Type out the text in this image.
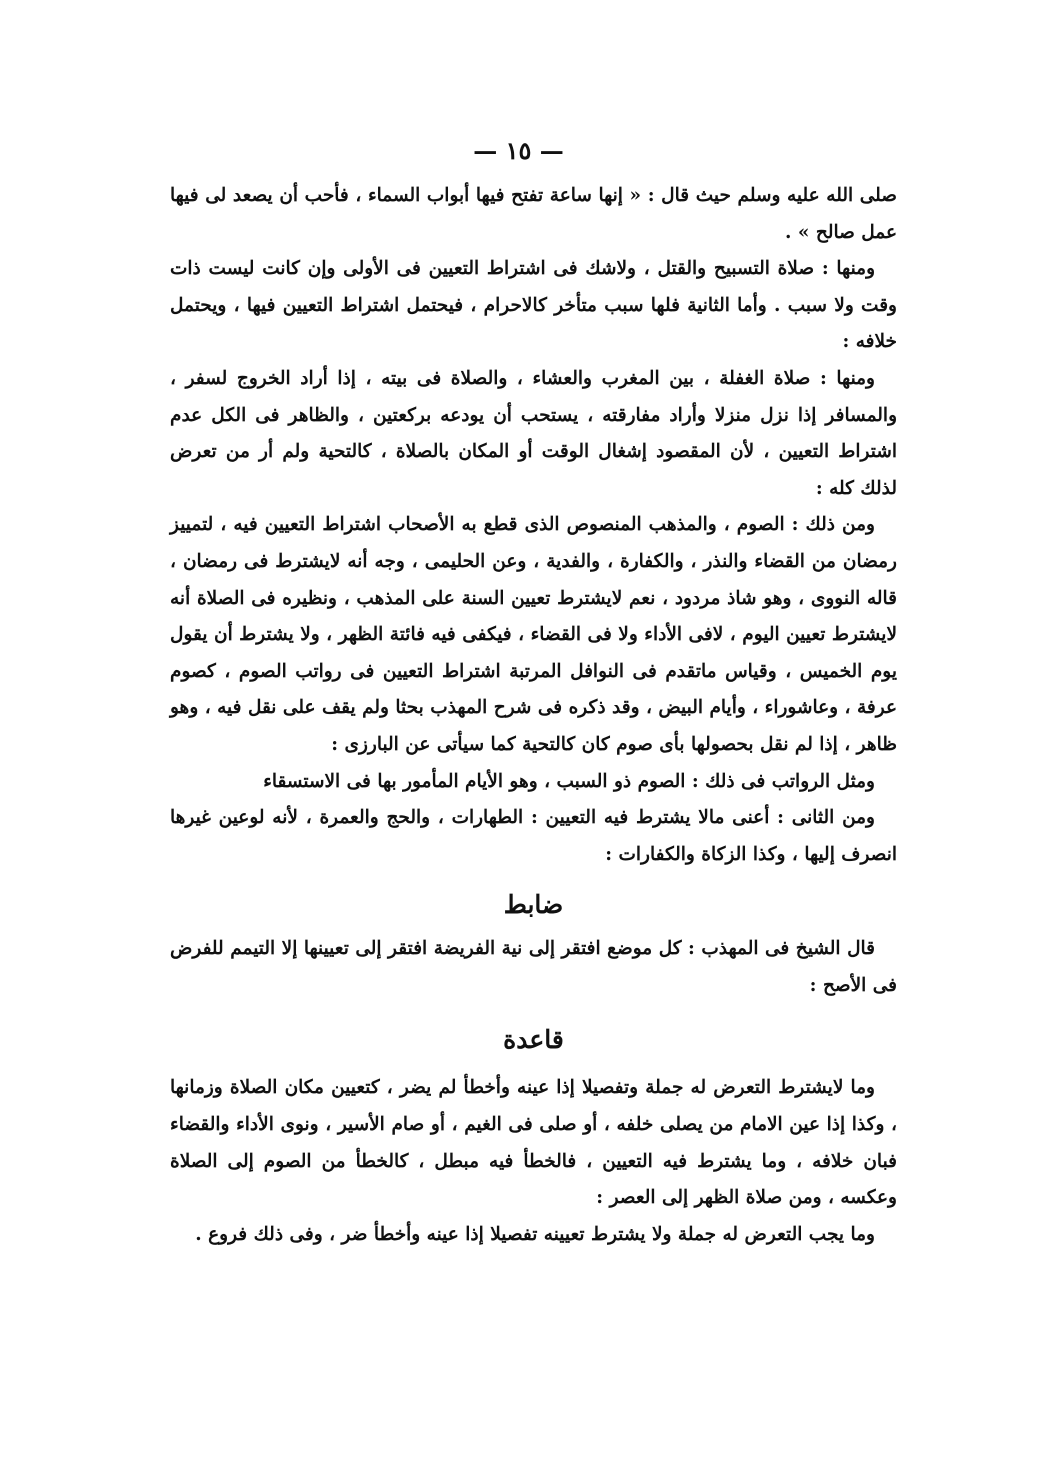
— ١٥ —

صلى الله عليه وسلم حيث قال : « إنها ساعة تفتح فيها أبواب السماء ، فأحب أن يصعد لى فيها عمل صالح » .

ومنها : صلاة التسبيح والقتل ، ولاشك فى اشتراط التعيين فى الأولى وإن كانت ليست ذات وقت ولا سبب . وأما الثانية فلها سبب متأخر كالاحرام ، فيحتمل اشتراط التعيين فيها ، ويحتمل خلافه :

ومنها : صلاة الغفلة ، بين المغرب والعشاء ، والصلاة فى بيته ، إذا أراد الخروج لسفر ، والمسافر إذا نزل منزلا وأراد مفارقته ، يستحب أن يودعه بركعتين ، والظاهر فى الكل عدم اشتراط التعيين ، لأن المقصود إشغال الوقت أو المكان بالصلاة ، كالتحية ولم أر من تعرض لذلك كله :

ومن ذلك : الصوم ، والمذهب المنصوص الذى قطع به الأصحاب اشتراط التعيين فيه ، لتمييز رمضان من القضاء والنذر ، والكفارة ، والفدية ، وعن الحليمى ، وجه أنه لايشترط فى رمضان ، قاله النووى ، وهو شاذ مردود ، نعم لايشترط تعيين السنة على المذهب ، ونظيره فى الصلاة أنه لايشترط تعيين اليوم ، لافى الأداء ولا فى القضاء ، فيكفى فيه فائتة الظهر ، ولا يشترط أن يقول يوم الخميس ، وقياس ماتقدم فى النوافل المرتبة اشتراط التعيين فى رواتب الصوم ، كصوم عرفة ، وعاشوراء ، وأيام البيض ، وقد ذكره فى شرح المهذب بحثا ولم يقف على نقل فيه ، وهو ظاهر ، إذا لم نقل بحصولها بأى صوم كان كالتحية كما سيأتى عن البارزى :

ومثل الرواتب فى ذلك : الصوم ذو السبب ، وهو الأيام المأمور بها فى الاستسقاء

ومن الثانى : أعنى مالا يشترط فيه التعيين : الطهارات ، والحج والعمرة ، لأنه لوعين غيرها انصرف إليها ، وكذا الزكاة والكفارات :

ضابط

قال الشيخ فى المهذب : كل موضع افتقر إلى نية الفريضة افتقر إلى تعيينها إلا التيمم للفرض فى الأصح :

قاعدة

وما لايشترط التعرض له جملة وتفصيلا إذا عينه وأخطأ لم يضر ، كتعيين مكان الصلاة وزمانها ، وكذا إذا عين الامام من يصلى خلفه ، أو صلى فى الغيم ، أو صام الأسير ، ونوى الأداء والقضاء فبان خلافه ، وما يشترط فيه التعيين ، فالخطأ فيه مبطل ، كالخطأ من الصوم إلى الصلاة وعكسه ، ومن صلاة الظهر إلى العصر :

وما يجب التعرض له جملة ولا يشترط تعيينه تفصيلا إذا عينه وأخطأ ضر ، وفى ذلك فروع .
